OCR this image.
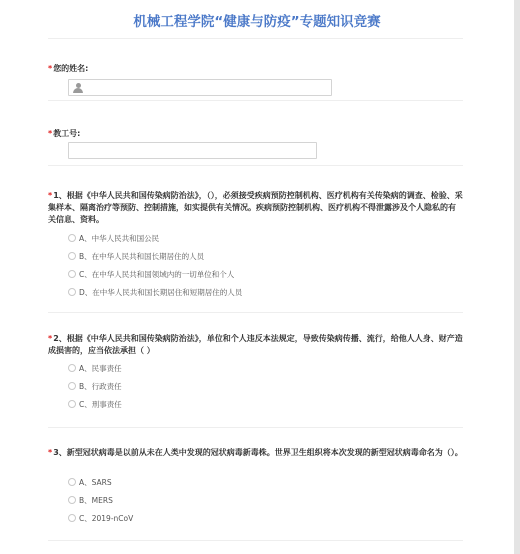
机械工程学院“健康与防疫”专题知识竞赛
*您的姓名:
*教工号:
*1、根据《中华人民共和国传染病防治法》，（），必须接受疾病预防控制机构、医疗机构有关传染病的调查、检验、采集样本、隔离治疗等预防、控制措施，如实提供有关情况。疾病预防控制机构、医疗机构不得泄露涉及个人隐私的有关信息、资料。
A、中华人民共和国公民
B、在中华人民共和国长期居住的人员
C、在中华人民共和国领域内的一切单位和个人
D、在中华人民共和国长期居住和短期居住的人员
*2、根据《中华人民共和国传染病防治法》，单位和个人违反本法规定，导致传染病传播、流行，给他人人身、财产造成损害的，应当依法承担（ ）
A、民事责任
B、行政责任
C、刑事责任
*3、新型冠状病毒是以前从未在人类中发现的冠状病毒新毒株。世界卫生组织将本次发现的新型冠状病毒命名为（）。
A、SARS
B、MERS
C、2019-nCoV
